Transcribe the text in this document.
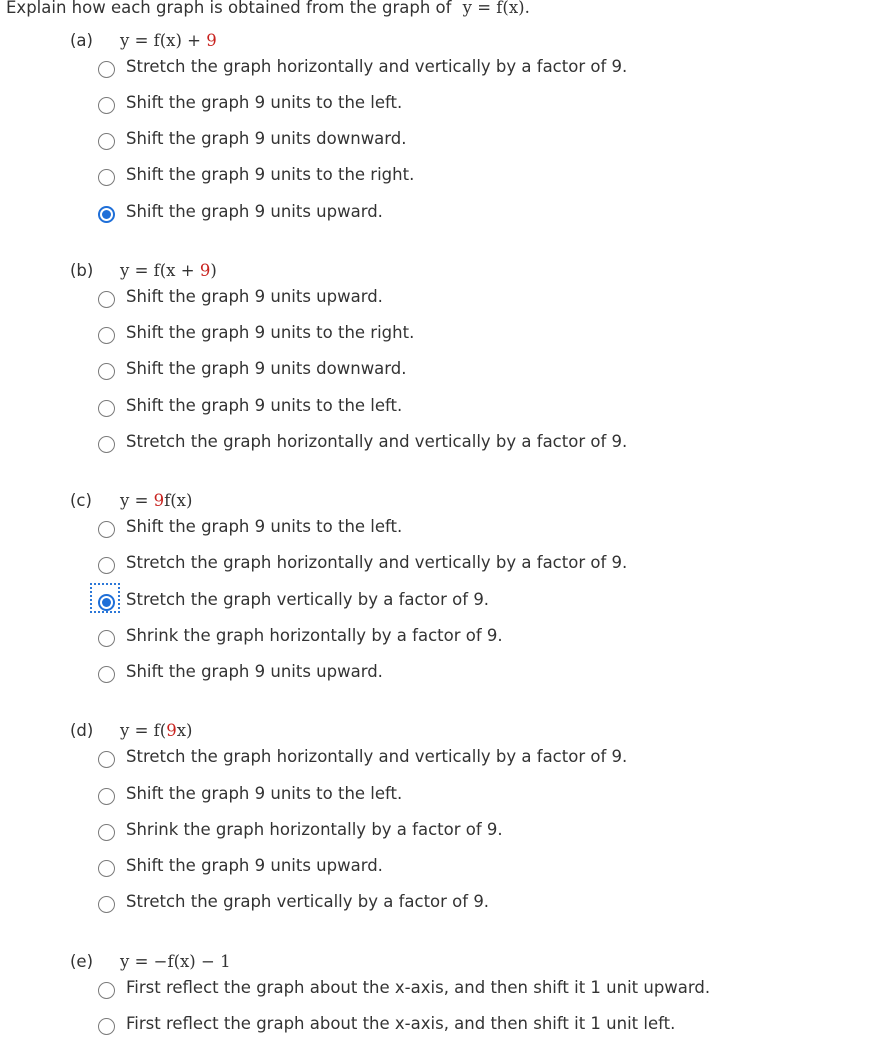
Explain how each graph is obtained from the graph of y = f(x).
(a) y = f(x) + 9
Stretch the graph horizontally and vertically by a factor of 9.
Shift the graph 9 units to the left.
Shift the graph 9 units downward.
Shift the graph 9 units to the right.
Shift the graph 9 units upward.
(b) y = f(x + 9)
Shift the graph 9 units upward.
Shift the graph 9 units to the right.
Shift the graph 9 units downward.
Shift the graph 9 units to the left.
Stretch the graph horizontally and vertically by a factor of 9.
(c) y = 9f(x)
Shift the graph 9 units to the left.
Stretch the graph horizontally and vertically by a factor of 9.
Stretch the graph vertically by a factor of 9.
Shrink the graph horizontally by a factor of 9.
Shift the graph 9 units upward.
(d) y = f(9x)
Stretch the graph horizontally and vertically by a factor of 9.
Shift the graph 9 units to the left.
Shrink the graph horizontally by a factor of 9.
Shift the graph 9 units upward.
Stretch the graph vertically by a factor of 9.
(e) y = −f(x) − 1
First reflect the graph about the x-axis, and then shift it 1 unit upward.
First reflect the graph about the x-axis, and then shift it 1 unit left.
